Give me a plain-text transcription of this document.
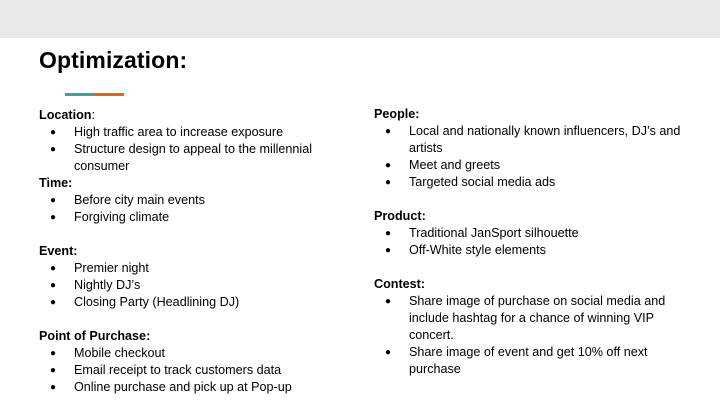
Optimization:

Location:

● High traffic area to increase exposure
● Structure design to appeal to the millennial consumer

Time:

● Before city main events
● Forgiving climate

Event:

● Premier night
● Nightly DJ’s
● Closing Party (Headlining DJ)

Point of Purchase:

● Mobile checkout
● Email receipt to track customers data
● Online purchase and pick up at Pop-up

People:

● Local and nationally known influencers, DJ’s and artists
● Meet and greets
● Targeted social media ads

Product:

● Traditional JanSport silhouette
● Off-White style elements

Contest:

● Share image of purchase on social media and include hashtag for a chance of winning VIP concert.
● Share image of event and get 10% off next purchase
